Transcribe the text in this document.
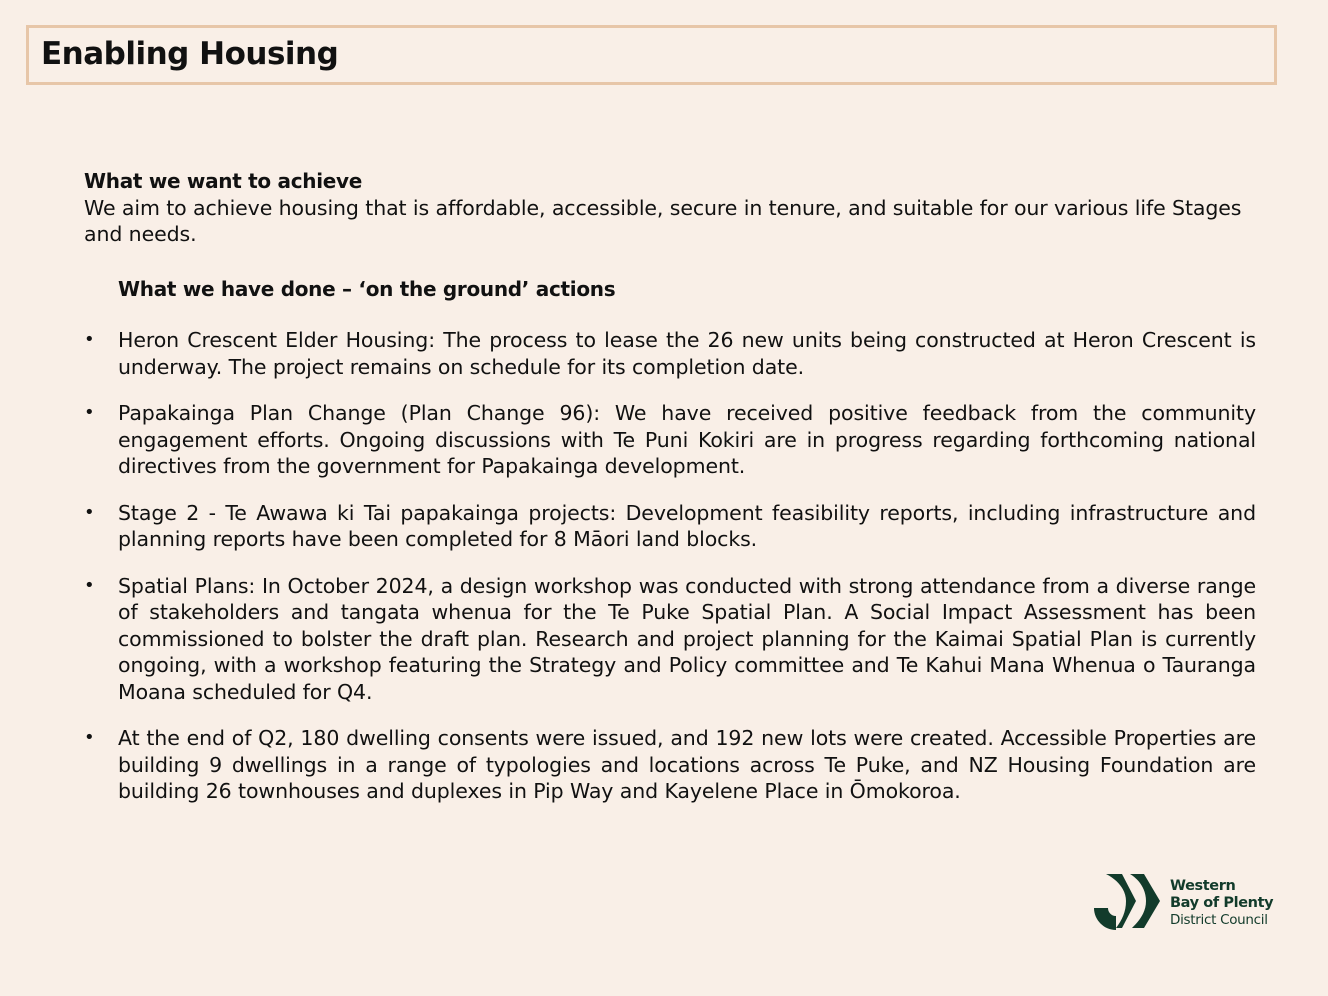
Enabling Housing
What we want to achieve

We aim to achieve housing that is affordable, accessible, secure in tenure, and suitable for our various life Stages and needs.

What we have done – ‘on the ground’ actions
• Heron Crescent Elder Housing: The process to lease the 26 new units being constructed at Heron Crescent is underway. The project remains on schedule for its completion date.
• Papakainga Plan Change (Plan Change 96): We have received positive feedback from the community engagement efforts. Ongoing discussions with Te Puni Kokiri are in progress regarding forthcoming national directives from the government for Papakainga development.
• Stage 2 - Te Awawa ki Tai papakainga projects: Development feasibility reports, including infrastructure and planning reports have been completed for 8 Māori land blocks.
• Spatial Plans: In October 2024, a design workshop was conducted with strong attendance from a diverse range of stakeholders and tangata whenua for the Te Puke Spatial Plan. A Social Impact Assessment has been commissioned to bolster the draft plan. Research and project planning for the Kaimai Spatial Plan is currently ongoing, with a workshop featuring the Strategy and Policy committee and Te Kahui Mana Whenua o Tauranga Moana scheduled for Q4.
• At the end of Q2, 180 dwelling consents were issued, and 192 new lots were created. Accessible Properties are building 9 dwellings in a range of typologies and locations across Te Puke, and NZ Housing Foundation are building 26 townhouses and duplexes in Pip Way and Kayelene Place in Ōmokoroa.
Western
Bay of Plenty
District Council
